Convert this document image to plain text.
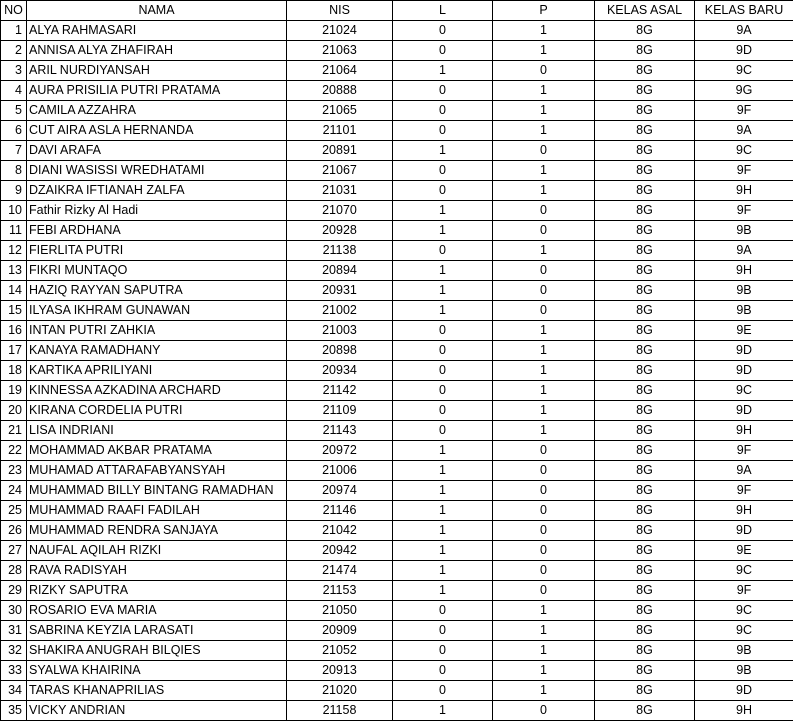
NO	NAMA	NIS	L	P	KELAS ASAL	KELAS BARU
1	ALYA RAHMASARI	21024	0	1	8G	9A
2	ANNISA ALYA ZHAFIRAH	21063	0	1	8G	9D
3	ARIL NURDIYANSAH	21064	1	0	8G	9C
4	AURA PRISILIA PUTRI PRATAMA	20888	0	1	8G	9G
5	CAMILA AZZAHRA	21065	0	1	8G	9F
6	CUT AIRA ASLA HERNANDA	21101	0	1	8G	9A
7	DAVI ARAFA	20891	1	0	8G	9C
8	DIANI WASISSI WREDHATAMI	21067	0	1	8G	9F
9	DZAIKRA IFTIANAH ZALFA	21031	0	1	8G	9H
10	Fathir Rizky Al Hadi	21070	1	0	8G	9F
11	FEBI ARDHANA	20928	1	0	8G	9B
12	FIERLITA PUTRI	21138	0	1	8G	9A
13	FIKRI MUNTAQO	20894	1	0	8G	9H
14	HAZIQ RAYYAN SAPUTRA	20931	1	0	8G	9B
15	ILYASA IKHRAM GUNAWAN	21002	1	0	8G	9B
16	INTAN PUTRI ZAHKIA	21003	0	1	8G	9E
17	KANAYA RAMADHANY	20898	0	1	8G	9D
18	KARTIKA APRILIYANI	20934	0	1	8G	9D
19	KINNESSA AZKADINA ARCHARD	21142	0	1	8G	9C
20	KIRANA CORDELIA PUTRI	21109	0	1	8G	9D
21	LISA INDRIANI	21143	0	1	8G	9H
22	MOHAMMAD AKBAR PRATAMA	20972	1	0	8G	9F
23	MUHAMAD ATTARAFABYANSYAH	21006	1	0	8G	9A
24	MUHAMMAD BILLY BINTANG RAMADHAN	20974	1	0	8G	9F
25	MUHAMMAD RAAFI FADILAH	21146	1	0	8G	9H
26	MUHAMMAD RENDRA SANJAYA	21042	1	0	8G	9D
27	NAUFAL AQILAH RIZKI	20942	1	0	8G	9E
28	RAVA RADISYAH	21474	1	0	8G	9C
29	RIZKY SAPUTRA	21153	1	0	8G	9F
30	ROSARIO EVA MARIA	21050	0	1	8G	9C
31	SABRINA KEYZIA LARASATI	20909	0	1	8G	9C
32	SHAKIRA ANUGRAH BILQIES	21052	0	1	8G	9B
33	SYALWA KHAIRINA	20913	0	1	8G	9B
34	TARAS KHANAPRILIAS	21020	0	1	8G	9D
35	VICKY ANDRIAN	21158	1	0	8G	9H
